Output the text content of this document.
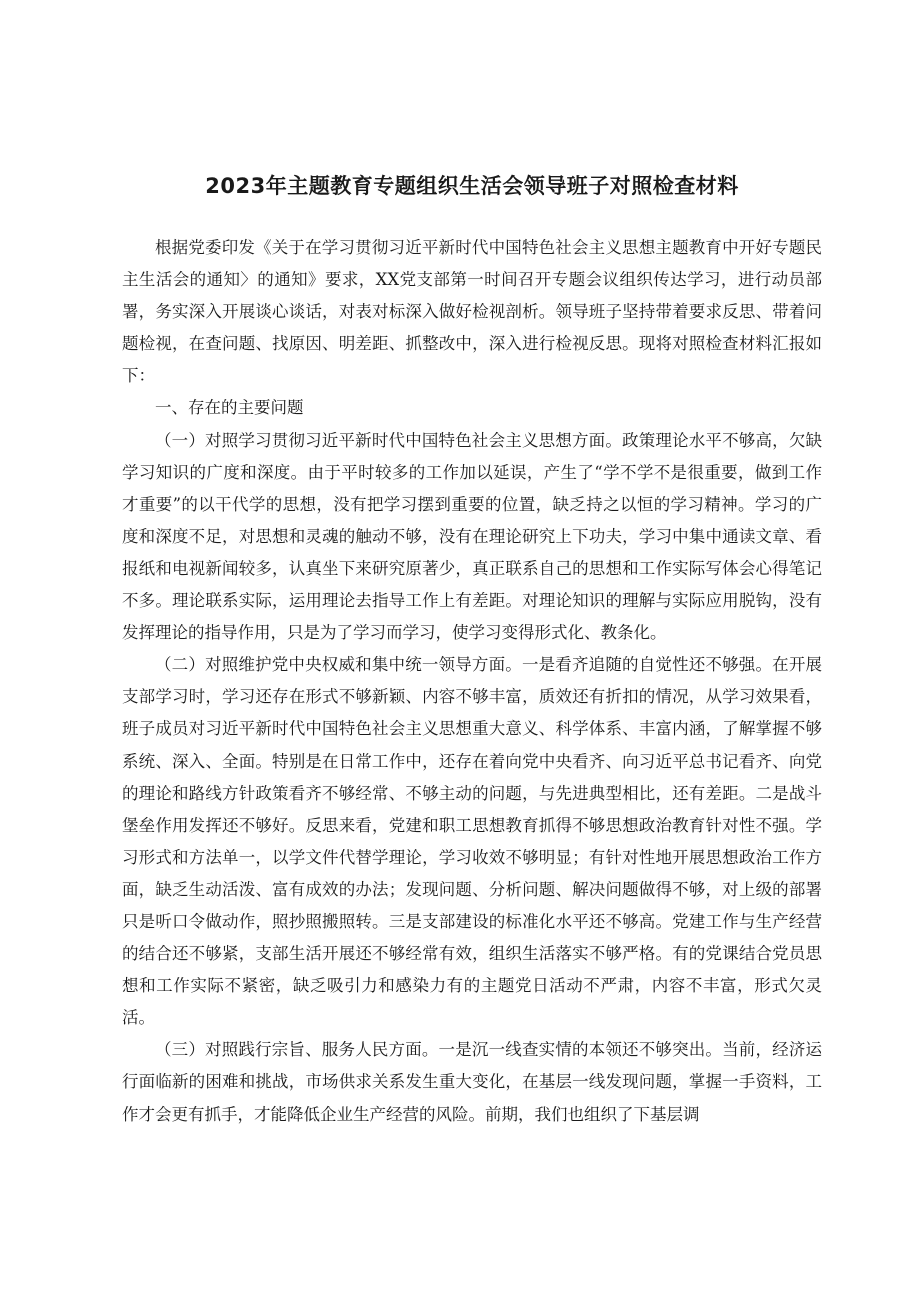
2023年主题教育专题组织生活会领导班子对照检查材料

根据党委印发《关于在学习贯彻习近平新时代中国特色社会主义思想主题教育中开好专题民主生活会的通知〉的通知》要求，XX党支部第一时间召开专题会议组织传达学习，进行动员部署，务实深入开展谈心谈话，对表对标深入做好检视剖析。领导班子坚持带着要求反思、带着问题检视，在查问题、找原因、明差距、抓整改中，深入进行检视反思。现将对照检查材料汇报如下：

一、存在的主要问题

（一）对照学习贯彻习近平新时代中国特色社会主义思想方面。政策理论水平不够高，欠缺学习知识的广度和深度。由于平时较多的工作加以延误，产生了“学不学不是很重要，做到工作才重要”的以干代学的思想，没有把学习摆到重要的位置，缺乏持之以恒的学习精神。学习的广度和深度不足，对思想和灵魂的触动不够，没有在理论研究上下功夫，学习中集中通读文章、看报纸和电视新闻较多，认真坐下来研究原著少，真正联系自己的思想和工作实际写体会心得笔记不多。理论联系实际，运用理论去指导工作上有差距。对理论知识的理解与实际应用脱钩，没有发挥理论的指导作用，只是为了学习而学习，使学习变得形式化、教条化。

（二）对照维护党中央权威和集中统一领导方面。一是看齐追随的自觉性还不够强。在开展支部学习时，学习还存在形式不够新颖、内容不够丰富，质效还有折扣的情况，从学习效果看，班子成员对习近平新时代中国特色社会主义思想重大意义、科学体系、丰富内涵，了解掌握不够系统、深入、全面。特别是在日常工作中，还存在着向党中央看齐、向习近平总书记看齐、向党的理论和路线方针政策看齐不够经常、不够主动的问题，与先进典型相比，还有差距。二是战斗堡垒作用发挥还不够好。反思来看，党建和职工思想教育抓得不够思想政治教育针对性不强。学习形式和方法单一，以学文件代替学理论，学习收效不够明显；有针对性地开展思想政治工作方面，缺乏生动活泼、富有成效的办法；发现问题、分析问题、解决问题做得不够，对上级的部署只是听口令做动作，照抄照搬照转。三是支部建设的标准化水平还不够高。党建工作与生产经营的结合还不够紧，支部生活开展还不够经常有效，组织生活落实不够严格。有的党课结合党员思想和工作实际不紧密，缺乏吸引力和感染力有的主题党日活动不严肃，内容不丰富，形式欠灵活。

（三）对照践行宗旨、服务人民方面。一是沉一线查实情的本领还不够突出。当前，经济运行面临新的困难和挑战，市场供求关系发生重大变化，在基层一线发现问题，掌握一手资料，工作才会更有抓手，才能降低企业生产经营的风险。前期，我们也组织了下基层调
